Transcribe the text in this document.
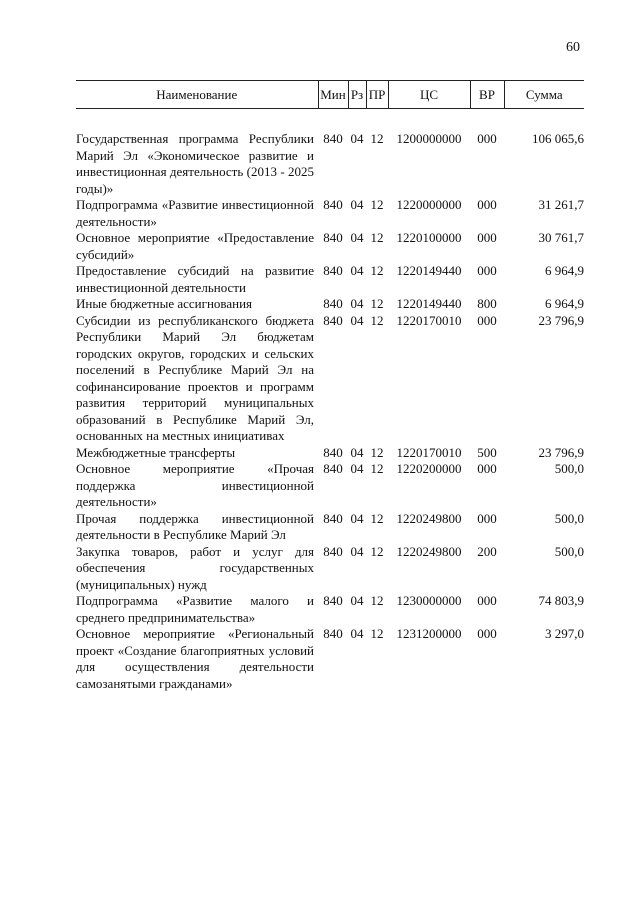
60
Наименование	Мин	Рз	ПР	ЦС	ВР	Сумма

Государственная программа Республики Марий Эл «Экономическое развитие и инвестиционная деятельность (2013 - 2025 годы)»	840	04	12	1200000000	000	106 065,6
Подпрограмма «Развитие инвестиционной деятельности»	840	04	12	1220000000	000	31 261,7
Основное мероприятие «Предоставление субсидий»	840	04	12	1220100000	000	30 761,7
Предоставление субсидий на развитие инвестиционной деятельности	840	04	12	1220149440	000	6 964,9
Иные бюджетные ассигнования	840	04	12	1220149440	800	6 964,9
Субсидии из республиканского бюджета Республики Марий Эл бюджетам городских округов, городских и сельских поселений в Республике Марий Эл на софинансирование проектов и программ развития территорий муниципальных образований в Республике Марий Эл, основанных на местных инициативах	840	04	12	1220170010	000	23 796,9
Межбюджетные трансферты	840	04	12	1220170010	500	23 796,9
Основное мероприятие «Прочая поддержка инвестиционной деятельности»	840	04	12	1220200000	000	500,0
Прочая поддержка инвестиционной деятельности в Республике Марий Эл	840	04	12	1220249800	000	500,0
Закупка товаров, работ и услуг для обеспечения государственных (муниципальных) нужд	840	04	12	1220249800	200	500,0
Подпрограмма «Развитие малого и среднего предпринимательства»	840	04	12	1230000000	000	74 803,9
Основное мероприятие «Региональный проект «Создание благоприятных условий для осуществления деятельности самозанятыми гражданами»	840	04	12	1231200000	000	3 297,0
